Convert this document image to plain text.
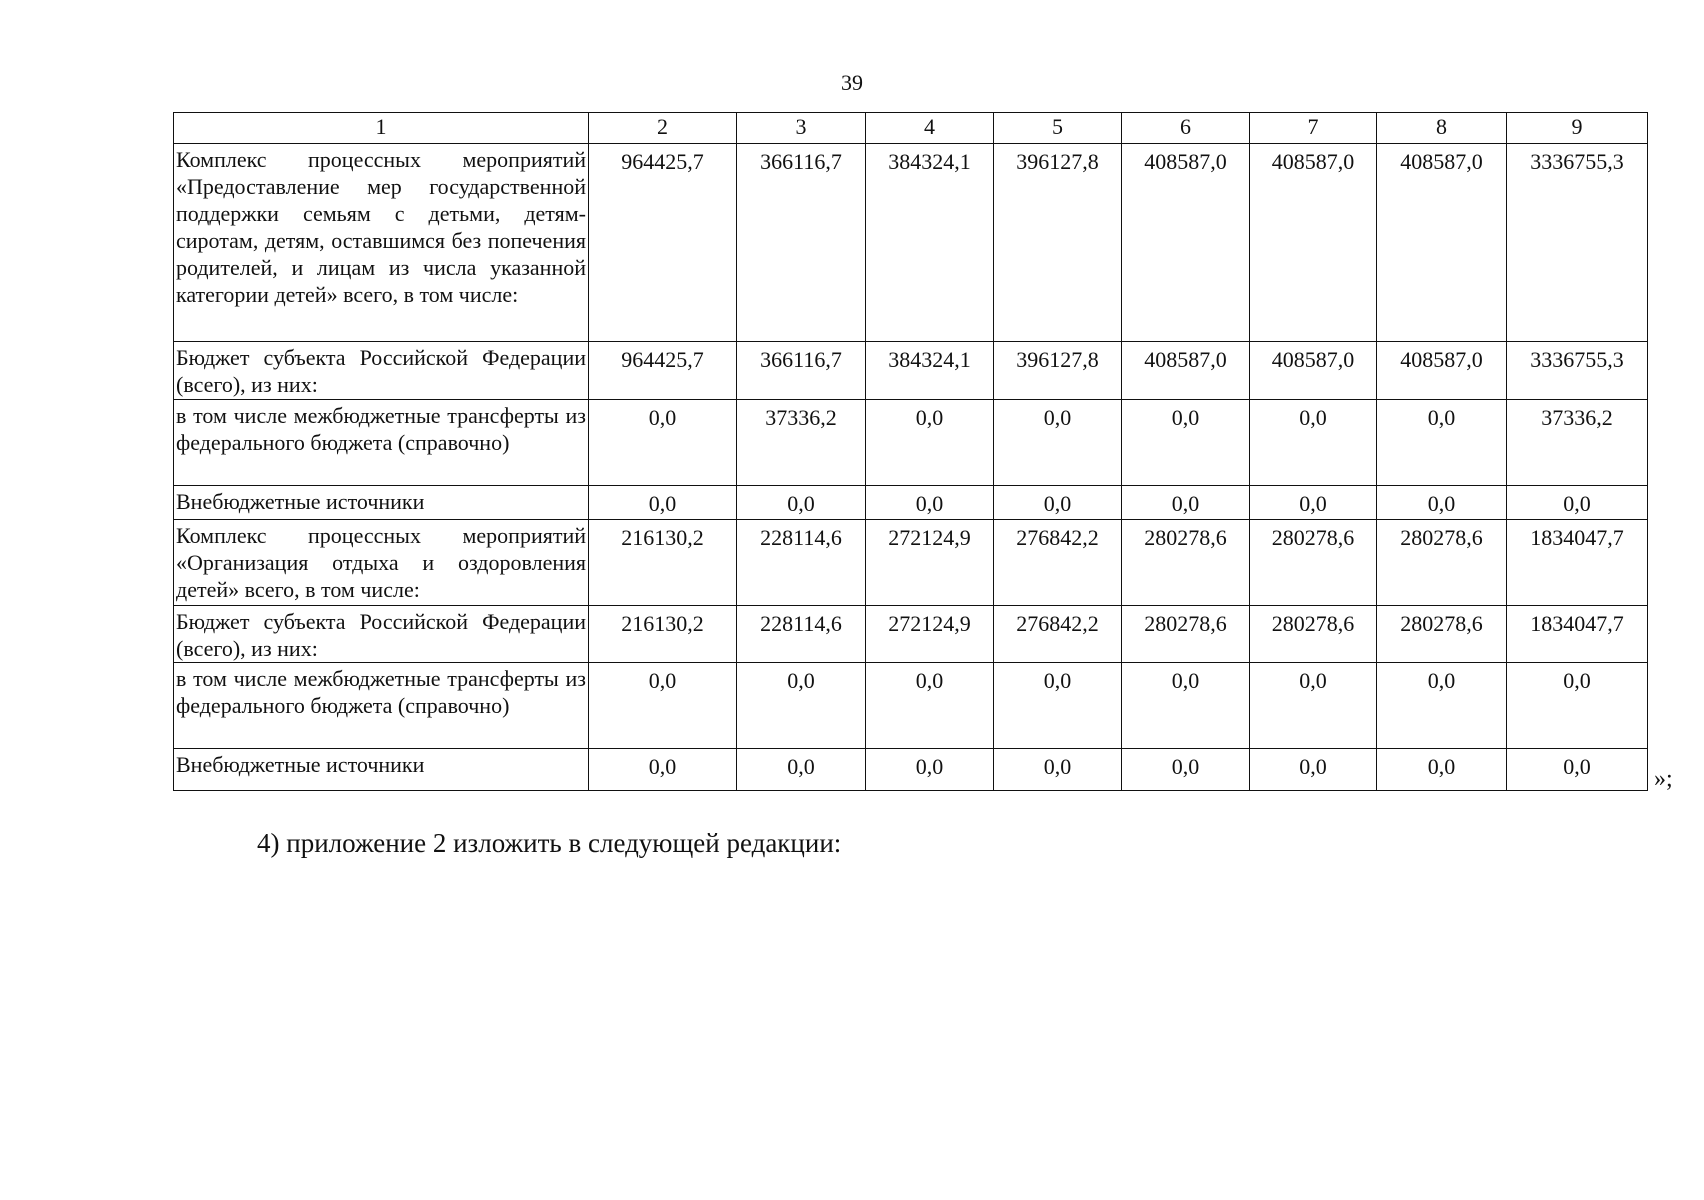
39
1	2	3	4	5	6	7	8	9
Комплекс процессных мероприятий «Предоставление мер государственной поддержки семьям с детьми, детям-сиротам, детям, оставшимся без попечения родителей, и лицам из числа указанной категории детей» всего, в том числе:	964425,7	366116,7	384324,1	396127,8	408587,0	408587,0	408587,0	3336755,3
Бюджет субъекта Российской Федерации (всего), из них:	964425,7	366116,7	384324,1	396127,8	408587,0	408587,0	408587,0	3336755,3
в том числе межбюджетные трансферты из федерального бюджета (справочно)	0,0	37336,2	0,0	0,0	0,0	0,0	0,0	37336,2
Внебюджетные источники	0,0	0,0	0,0	0,0	0,0	0,0	0,0	0,0
Комплекс процессных мероприятий «Организация отдыха и оздоровления детей» всего, в том числе:	216130,2	228114,6	272124,9	276842,2	280278,6	280278,6	280278,6	1834047,7
Бюджет субъекта Российской Федерации (всего), из них:	216130,2	228114,6	272124,9	276842,2	280278,6	280278,6	280278,6	1834047,7
в том числе межбюджетные трансферты из федерального бюджета (справочно)	0,0	0,0	0,0	0,0	0,0	0,0	0,0	0,0
Внебюджетные источники	0,0	0,0	0,0	0,0	0,0	0,0	0,0	0,0	»;
4) приложение 2 изложить в следующей редакции:
